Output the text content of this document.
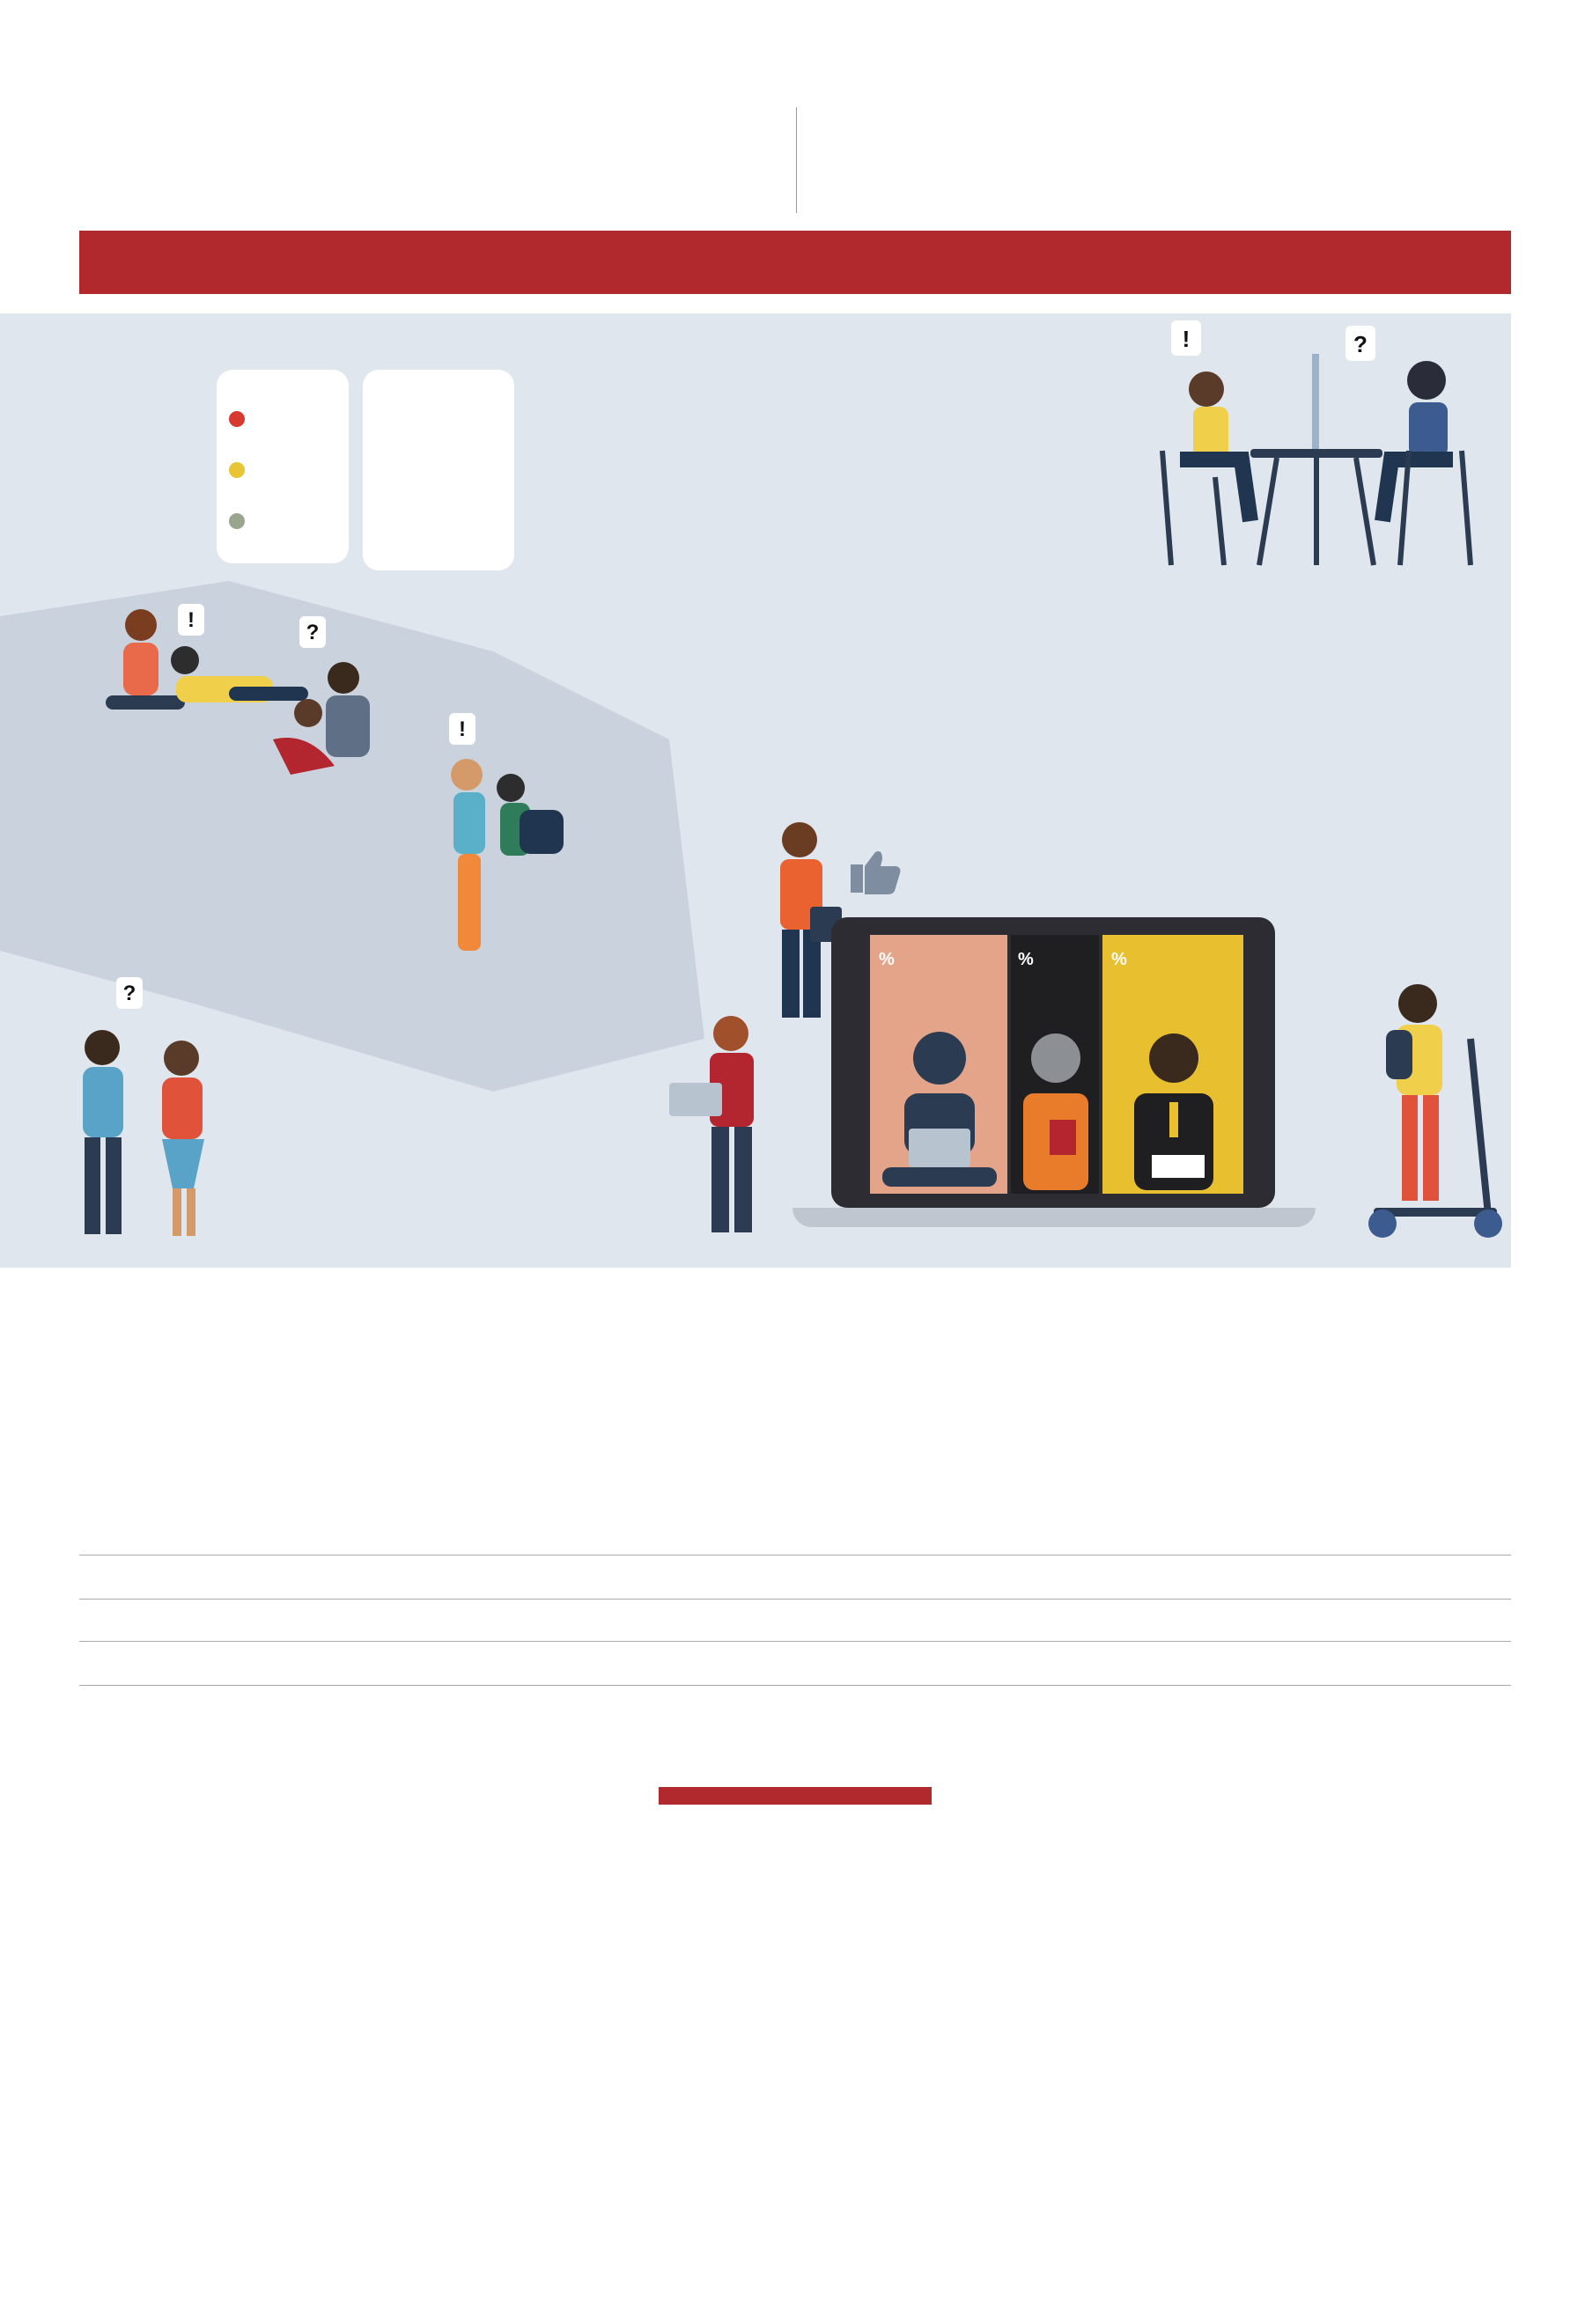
!	?
!
?
!
%	%	%
?
